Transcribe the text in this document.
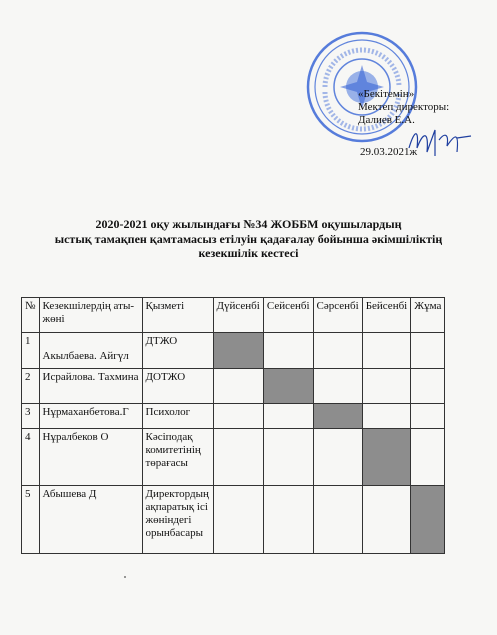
«Бекітемін»
Мектеп директоры:
Далиев Е.А.
29.03.2021ж
2020-2021 оқу жылындағы №34 ЖОББМ оқушылардың
ыстық тамақпен қамтамасыз етілуін қадағалау бойынша әкімшіліктің
кезекшілік кестесі
№	Кезекшілердің аты-жөні	Қызметі	Дүйсенбі	Сейсенбі	Сәрсенбі	Бейсенбі	Жұма
1	Акылбаева. Айгүл	ДТЖО					
2	Исрайлова. Тахмина	ДОТЖО					
3	Нұрмаханбетова.Г	Психолог					
4	Нұралбеков О	Кәсіподақ комитетінің төрағасы					
5	Абышева Д	Директордың ақпаратық ісі жөніндегі орынбасары					
